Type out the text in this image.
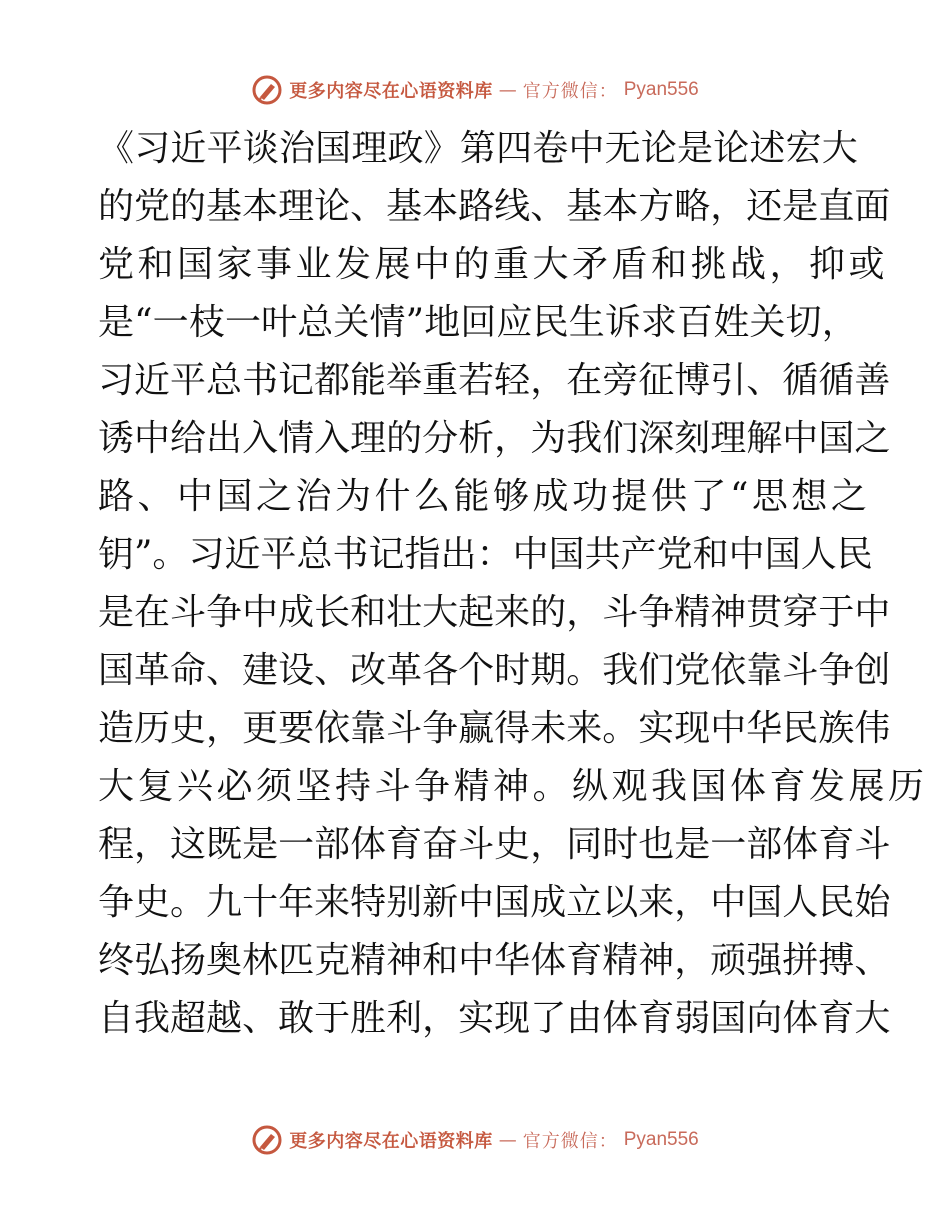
更多内容尽在心语资料库 — 官方微信： Pyan556
《 习 近 平 谈 治 国 理 政 》 第 四 卷 中 无 论 是 论 述 宏 大
的 党 的 基 本 理 论 、 基 本 路 线 、 基 本 方 略 ， 还 是 直 面
党和国家事业发展中的重大矛盾和挑战，抑或
是 “ 一 枝 一 叶 总 关 情 ” 地 回 应 民 生 诉 求 百 姓 关 切 ，
习 近 平 总 书 记 都 能 举 重 若 轻 ， 在 旁 征 博 引 、 循 循 善
诱 中 给 出 入 情 入 理 的 分 析 ， 为 我 们 深 刻 理 解 中 国 之
路、中国之治为什么能够成功提供了“思想之
钥 ” 。 习 近 平 总 书 记 指 出 ： 中 国 共 产 党 和 中 国 人 民
是 在 斗 争 中 成 长 和 壮 大 起 来 的 ， 斗 争 精 神 贯 穿 于 中
国 革 命 、 建 设 、 改 革 各 个 时 期 。 我 们 党 依 靠 斗 争 创
造 历 史 ， 更 要 依 靠 斗 争 赢 得 未 来 。 实 现 中 华 民 族 伟
大复兴必须坚持斗争精神。纵观我国体育发展历
程 ， 这 既 是 一 部 体 育 奋 斗 史 ， 同 时 也 是 一 部 体 育 斗
争 史 。 九 十 年 来 特 别 新 中 国 成 立 以 来 ， 中 国 人 民 始
终 弘 扬 奥 林 匹 克 精 神 和 中 华 体 育 精 神 ， 顽 强 拼 搏 、
自 我 超 越 、 敢 于 胜 利 ， 实 现 了 由 体 育 弱 国 向 体 育 大
更多内容尽在心语资料库 — 官方微信： Pyan556
